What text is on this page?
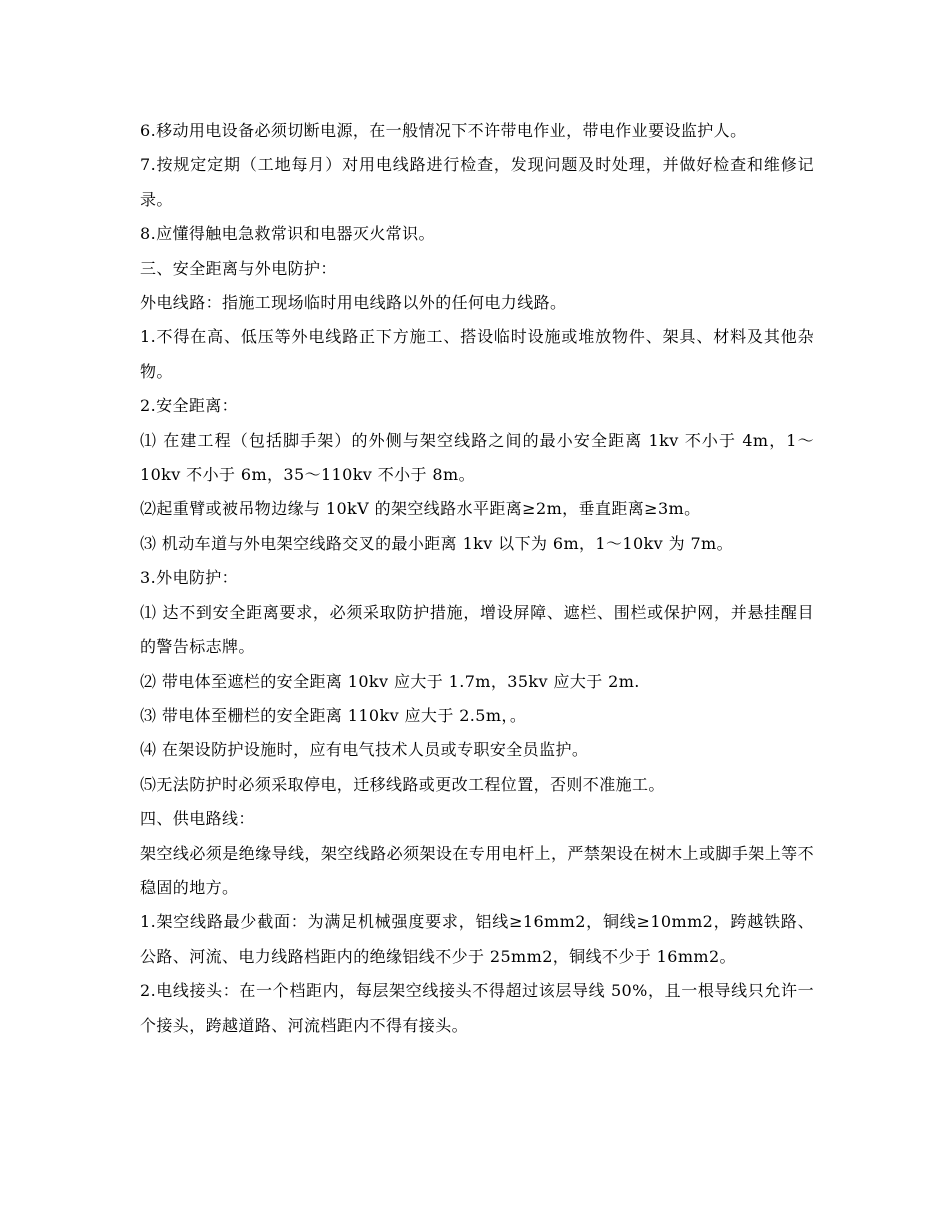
6.移动用电设备必须切断电源，在一般情况下不许带电作业，带电作业要设监护人。

7.按规定定期（工地每月）对用电线路进行检查，发现问题及时处理，并做好检查和维修记录。

8.应懂得触电急救常识和电器灭火常识。

三、安全距离与外电防护：

外电线路：指施工现场临时用电线路以外的任何电力线路。

1.不得在高、低压等外电线路正下方施工、搭设临时设施或堆放物件、架具、材料及其他杂物。

2.安全距离：

⑴ 在建工程（包括脚手架）的外侧与架空线路之间的最小安全距离 1kv 不小于 4m，1～10kv 不小于 6m，35～110kv 不小于 8m。

⑵起重臂或被吊物边缘与 10kV 的架空线路水平距离≥2m，垂直距离≥3m。

⑶ 机动车道与外电架空线路交叉的最小距离 1kv 以下为 6m，1～10kv 为 7m。

3.外电防护：

⑴ 达不到安全距离要求，必须采取防护措施，增设屏障、遮栏、围栏或保护网，并悬挂醒目的警告标志牌。

⑵ 带电体至遮栏的安全距离 10kv 应大于 1.7m，35kv 应大于 2m.

⑶ 带电体至栅栏的安全距离 110kv 应大于 2.5m，。

⑷ 在架设防护设施时，应有电气技术人员或专职安全员监护。

⑸无法防护时必须采取停电，迁移线路或更改工程位置，否则不准施工。

四、供电路线：

架空线必须是绝缘导线，架空线路必须架设在专用电杆上，严禁架设在树木上或脚手架上等不稳固的地方。

1.架空线路最少截面：为满足机械强度要求，铝线≥16mm2，铜线≥10mm2，跨越铁路、公路、河流、电力线路档距内的绝缘铝线不少于 25mm2，铜线不少于 16mm2。

2.电线接头：在一个档距内，每层架空线接头不得超过该层导线 50%，且一根导线只允许一个接头，跨越道路、河流档距内不得有接头。
